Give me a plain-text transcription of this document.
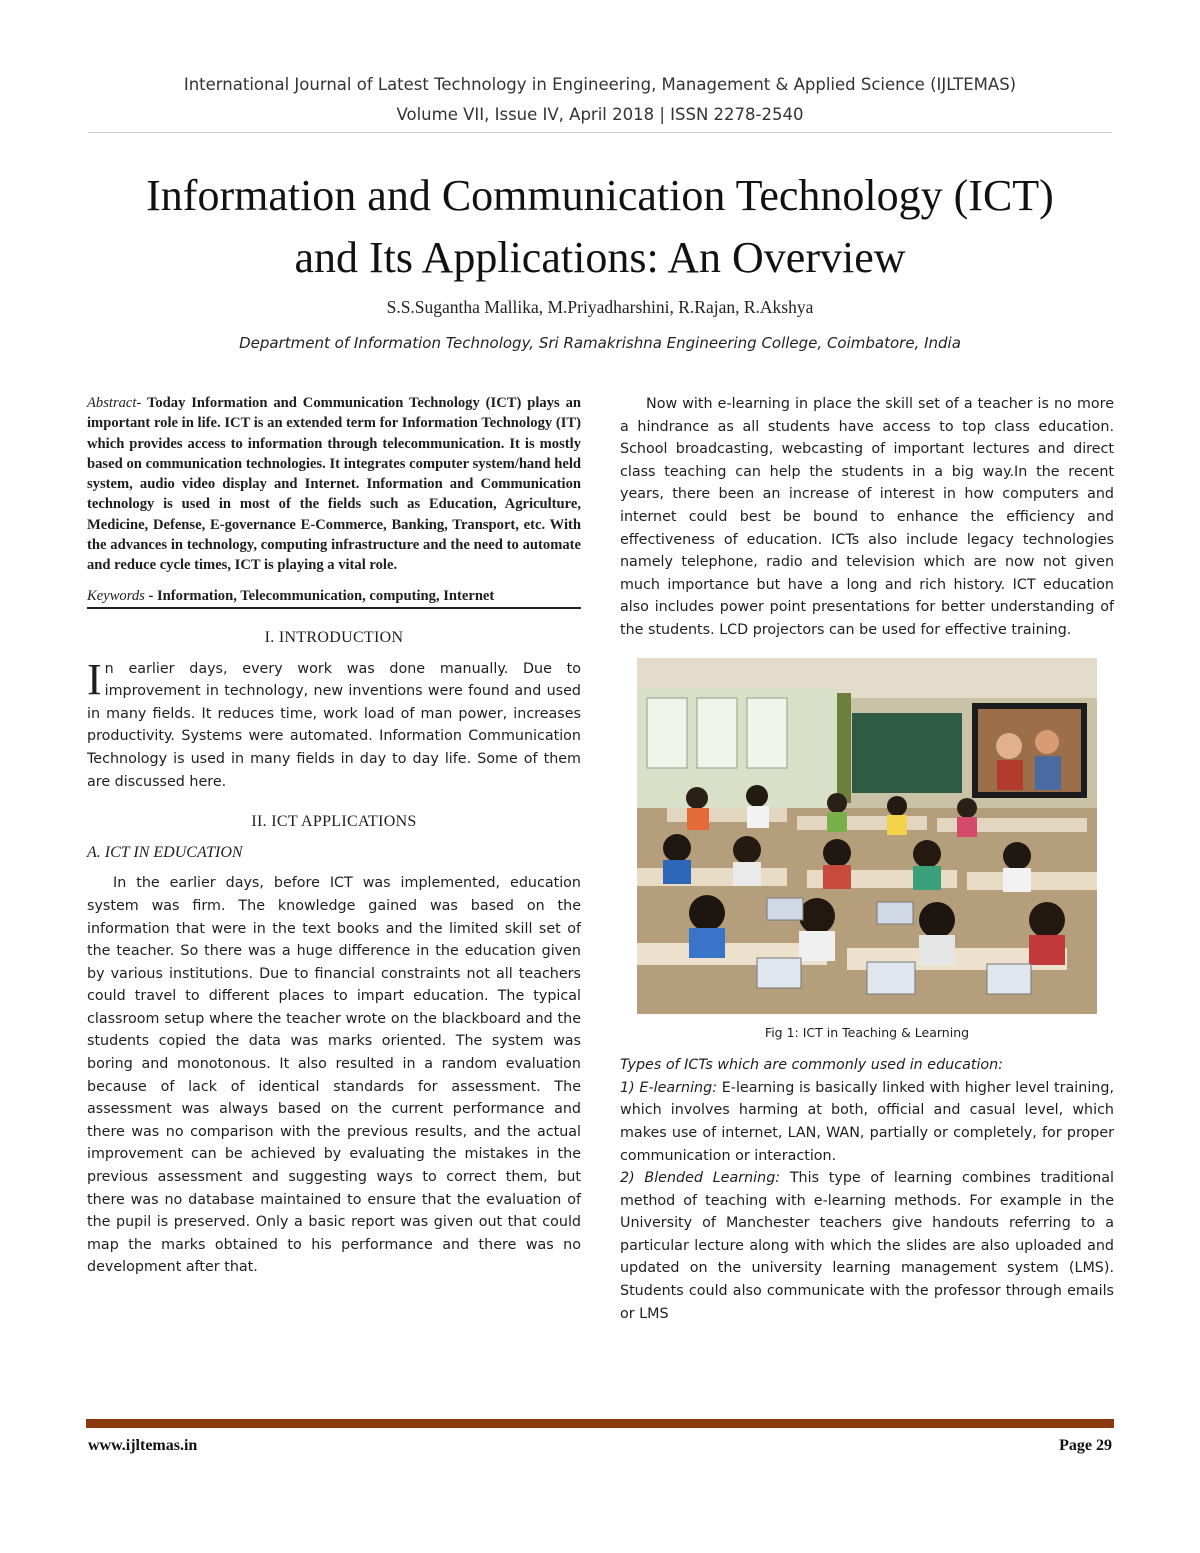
International Journal of Latest Technology in Engineering, Management & Applied Science (IJLTEMAS)
Volume VII, Issue IV, April 2018 | ISSN 2278-2540
Information and Communication Technology (ICT)
and Its Applications: An Overview
S.S.Sugantha Mallika, M.Priyadharshini, R.Rajan, R.Akshya
Department of Information Technology, Sri Ramakrishna Engineering College, Coimbatore, India

Abstract- Today Information and Communication Technology (ICT) plays an important role in life. ICT is an extended term for Information Technology (IT) which provides access to information through telecommunication. It is mostly based on communication technologies. It integrates computer system/hand held system, audio video display and Internet. Information and Communication technology is used in most of the fields such as Education, Agriculture, Medicine, Defense, E-governance E-Commerce, Banking, Transport, etc. With the advances in technology, computing infrastructure and the need to automate and reduce cycle times, ICT is playing a vital role.

Keywords - Information, Telecommunication, computing, Internet

I. INTRODUCTION

In earlier days, every work was done manually. Due to improvement in technology, new inventions were found and used in many fields. It reduces time, work load of man power, increases productivity. Systems were automated. Information Communication Technology is used in many fields in day to day life. Some of them are discussed here.

II. ICT APPLICATIONS
A. ICT IN EDUCATION

In the earlier days, before ICT was implemented, education system was firm. The knowledge gained was based on the information that were in the text books and the limited skill set of the teacher. So there was a huge difference in the education given by various institutions. Due to financial constraints not all teachers could travel to different places to impart education. The typical classroom setup where the teacher wrote on the blackboard and the students copied the data was marks oriented. The system was boring and monotonous. It also resulted in a random evaluation because of lack of identical standards for assessment. The assessment was always based on the current performance and there was no comparison with the previous results, and the actual improvement can be achieved by evaluating the mistakes in the previous assessment and suggesting ways to correct them, but there was no database maintained to ensure that the evaluation of the pupil is preserved. Only a basic report was given out that could map the marks obtained to his performance and there was no development after that.

Now with e-learning in place the skill set of a teacher is no more a hindrance as all students have access to top class education. School broadcasting, webcasting of important lectures and direct class teaching can help the students in a big way.In the recent years, there been an increase of interest in how computers and internet could best be bound to enhance the efficiency and effectiveness of education. ICTs also include legacy technologies namely telephone, radio and television which are now not given much importance but have a long and rich history. ICT education also includes power point presentations for better understanding of the students. LCD projectors can be used for effective training.

Fig 1: ICT in Teaching & Learning

Types of ICTs which are commonly used in education:

1) E-learning: E-learning is basically linked with higher level training, which involves harming at both, official and casual level, which makes use of internet, LAN, WAN, partially or completely, for proper communication or interaction.

2) Blended Learning: This type of learning combines traditional method of teaching with e-learning methods. For example in the University of Manchester teachers give handouts referring to a particular lecture along with which the slides are also uploaded and updated on the university learning management system (LMS). Students could also communicate with the professor through emails or LMS

www.ijltemas.in	Page 29
